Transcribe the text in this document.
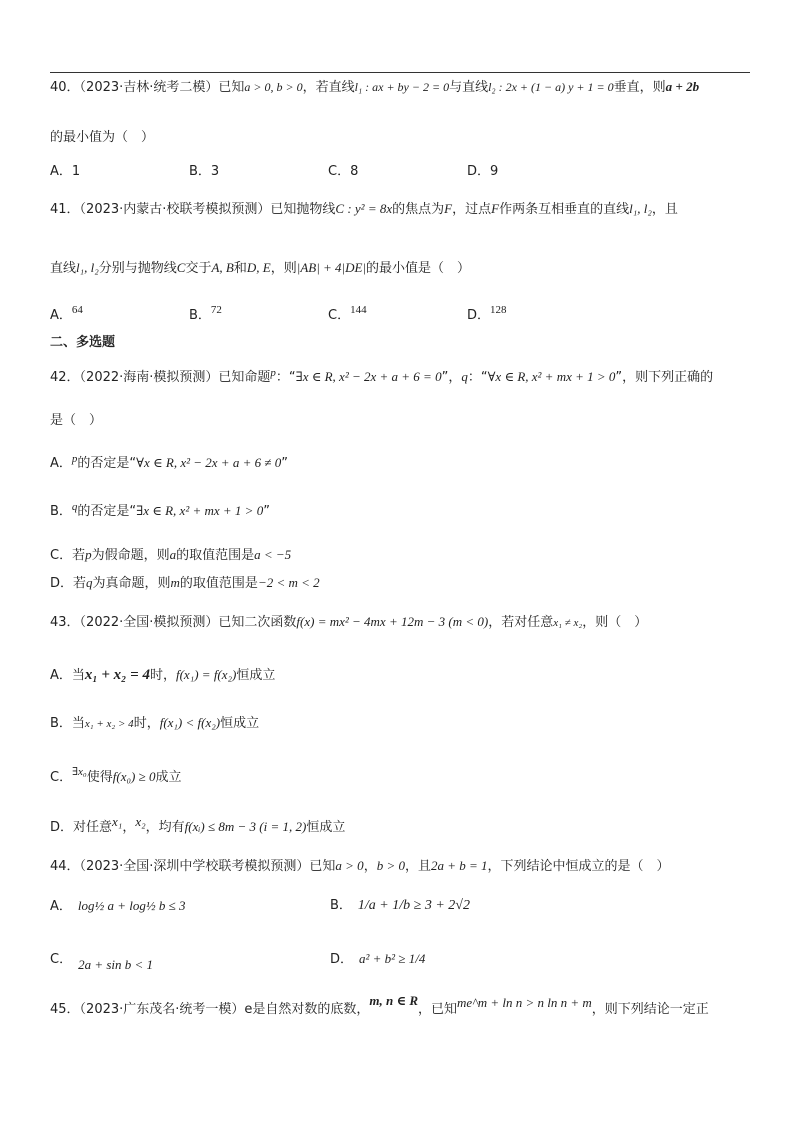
40．（2023·吉林·统考二模）已知a > 0, b > 0，若直线l₁ : ax + by − 2 = 0与直线l₂ : 2x + (1 − a) y + 1 = 0垂直，则a + 2b
的最小值为（　）
A．1	B．3	C．8	D．9
41．（2023·内蒙古·校联考模拟预测）已知抛物线C : y² = 8x的焦点为F，过点F作两条互相垂直的直线l₁, l₂，且
直线l₁, l₂分别与抛物线C交于A, B和D, E，则|AB| + 4|DE|的最小值是（　）
A．$^{64}$	B．$^{72}$	C．$^{144}$	D．$^{128}$
二、多选题
42．（2022·海南·模拟预测）已知命题$^p$：“∃x ∈ R, x² − 2x + a + 6 = 0”，q：“∀x ∈ R, x² + mx + 1 > 0”，则下列正确的
是（　）
A．$^p$的否定是“∀x ∈ R, x² − 2x + a + 6 ≠ 0”
B．$^q$的否定是“∃x ∈ R, x² + mx + 1 > 0”
C．若p为假命题，则a的取值范围是a < −5
D．若q为真命题，则m的取值范围是−2 < m < 2
43．（2022·全国·模拟预测）已知二次函数f(x) = mx² − 4mx + 12m − 3 (m < 0)，若对任意x₁ ≠ x₂，则（　）
A．当x₁ + x₂ = 4时，f(x₁) = f(x₂)恒成立
B．当x₁ + x₂ > 4时，f(x₁) < f(x₂)恒成立
C．$^{\exists x_0}$使得f(x₀) ≥ 0成立
D．对任意x₁，x₂，均有f(xᵢ) ≤ 8m − 3 (i = 1, 2)恒成立
44．（2023·全国·深圳中学校联考模拟预测）已知a > 0，b > 0，且2a + b = 1，下列结论中恒成立的是（　）
A． log½ a + log½ b ≤ 3	B． 1/a + 1/b ≥ 3 + 2√2
C． 2a + sin b < 1	D． a² + b² ≥ 1/4
45．（2023·广东茂名·统考一模）e是自然对数的底数，m, n ∈ R，已知me^m + ln n > n ln n + m，则下列结论一定正
